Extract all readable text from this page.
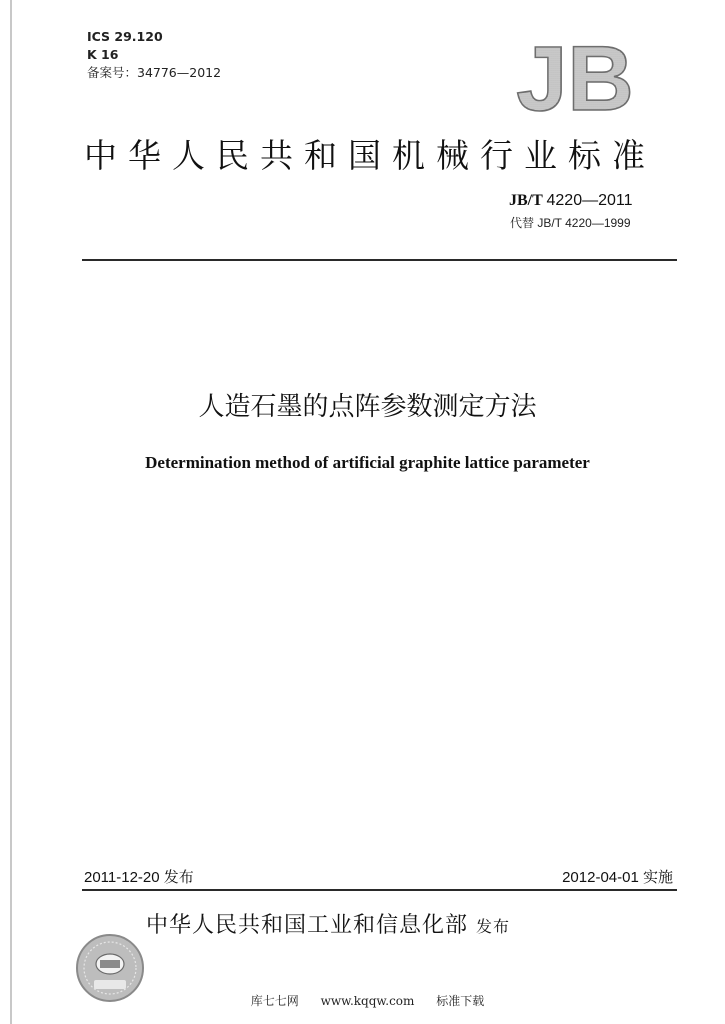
ICS 29.120
K 16
备案号：34776—2012	JB
中华人民共和国机械行业标准
JB/T 4220—2011
代替 JB/T 4220—1999
人造石墨的点阵参数测定方法
Determination method of artificial graphite lattice parameter
2011-12-20 发布	2012-04-01 实施
中华人民共和国工业和信息化部 发布
库七七网 www.kqqw.com 标准下载
